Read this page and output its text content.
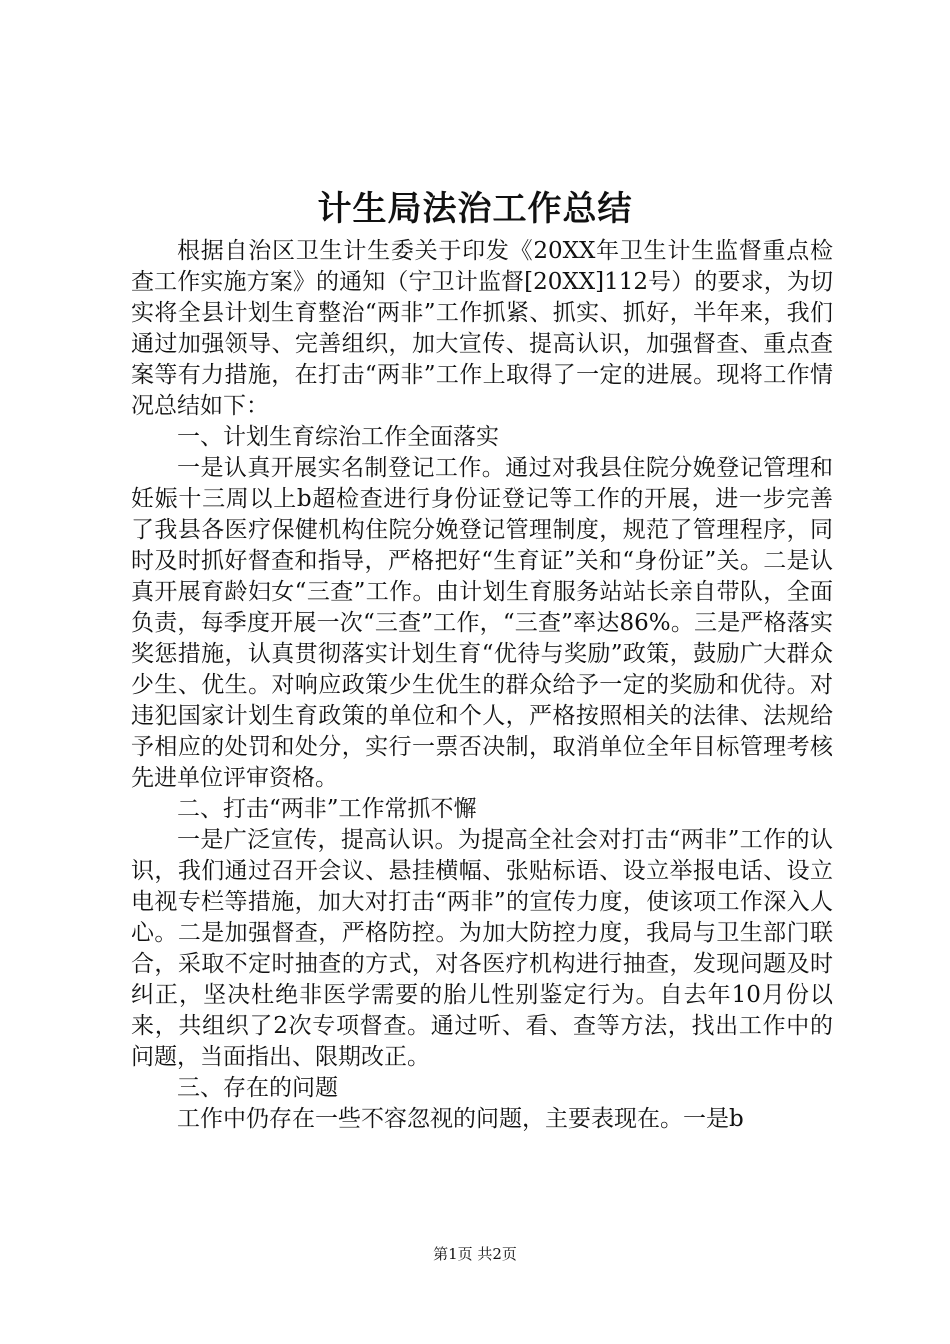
计生局法治工作总结

根据自治区卫生计生委关于印发《20XX年卫生计生监督重点检查工作实施方案》的通知（宁卫计监督[20XX]112号）的要求，为切实将全县计划生育整治“两非”工作抓紧、抓实、抓好，半年来，我们通过加强领导、完善组织，加大宣传、提高认识，加强督查、重点查案等有力措施，在打击“两非”工作上取得了一定的进展。现将工作情况总结如下：

一、计划生育综治工作全面落实

一是认真开展实名制登记工作。通过对我县住院分娩登记管理和妊娠十三周以上b超检查进行身份证登记等工作的开展，进一步完善了我县各医疗保健机构住院分娩登记管理制度，规范了管理程序，同时及时抓好督查和指导，严格把好“生育证”关和“身份证”关。二是认真开展育龄妇女“三查”工作。由计划生育服务站站长亲自带队，全面负责，每季度开展一次“三查”工作，“三查”率达86%。三是严格落实奖惩措施，认真贯彻落实计划生育“优待与奖励”政策，鼓励广大群众少生、优生。对响应政策少生优生的群众给予一定的奖励和优待。对违犯国家计划生育政策的单位和个人，严格按照相关的法律、法规给予相应的处罚和处分，实行一票否决制，取消单位全年目标管理考核先进单位评审资格。

二、打击“两非”工作常抓不懈

一是广泛宣传，提高认识。为提高全社会对打击“两非”工作的认识，我们通过召开会议、悬挂横幅、张贴标语、设立举报电话、设立电视专栏等措施，加大对打击“两非”的宣传力度，使该项工作深入人心。二是加强督查，严格防控。为加大防控力度，我局与卫生部门联合，采取不定时抽查的方式，对各医疗机构进行抽查，发现问题及时纠正，坚决杜绝非医学需要的胎儿性别鉴定行为。自去年10月份以来，共组织了2次专项督查。通过听、看、查等方法，找出工作中的问题，当面指出、限期改正。

三、存在的问题

工作中仍存在一些不容忽视的问题，主要表现在。一是b

第1页 共2页
